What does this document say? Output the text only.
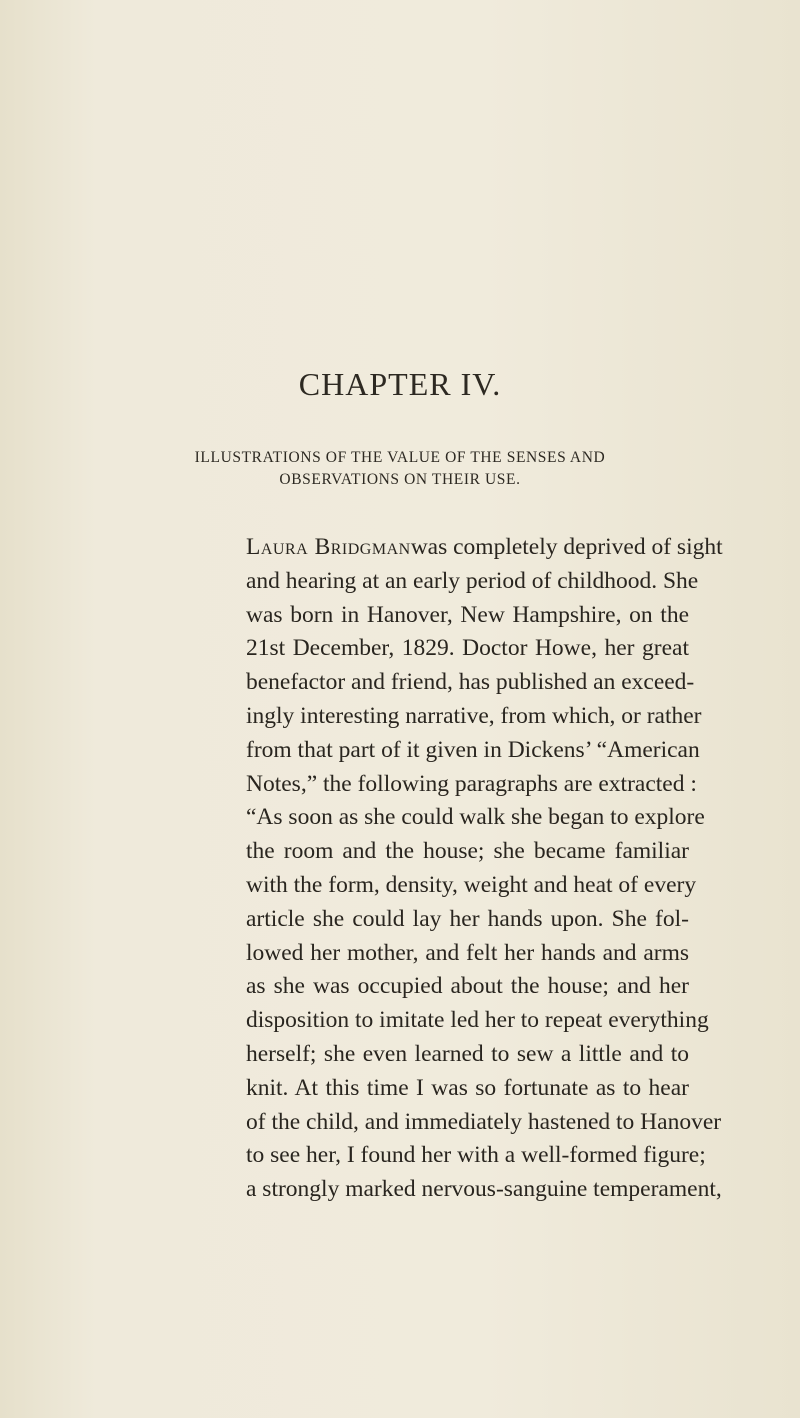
CHAPTER IV.
ILLUSTRATIONS OF THE VALUE OF THE SENSES AND
OBSERVATIONS ON THEIR USE.
Laura Bridgmanwas completely deprived of sight
and hearing at an early period of childhood. She
was born in Hanover, New Hampshire, on the
21st December, 1829. Doctor Howe, her great
benefactor and friend, has published an exceed-
ingly interesting narrative, from which, or rather
from that part of it given in Dickens’ “American
Notes,” the following paragraphs are extracted :
“As soon as she could walk she began to explore
the room and the house; she became familiar
with the form, density, weight and heat of every
article she could lay her hands upon. She fol-
lowed her mother, and felt her hands and arms
as she was occupied about the house; and her
disposition to imitate led her to repeat everything
herself; she even learned to sew a little and to
knit. At this time I was so fortunate as to hear
of the child, and immediately hastened to Hanover
to see her, I found her with a well-formed figure;
a strongly marked nervous-sanguine temperament,
